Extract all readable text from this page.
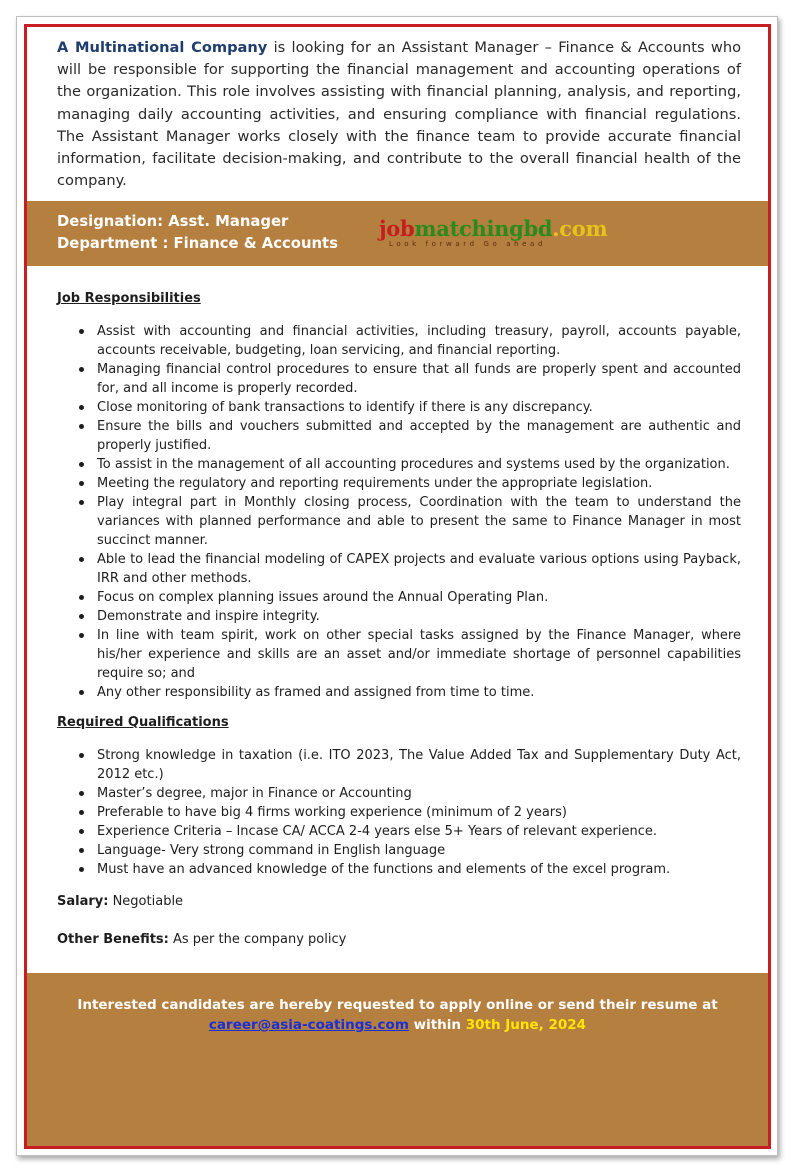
A Multinational Company is looking for an Assistant Manager – Finance & Accounts who will be responsible for supporting the financial management and accounting operations of the organization. This role involves assisting with financial planning, analysis, and reporting, managing daily accounting activities, and ensuring compliance with financial regulations. The Assistant Manager works closely with the finance team to provide accurate financial information, facilitate decision-making, and contribute to the overall financial health of the company.

Designation: Asst. Manager
Department : Finance & Accounts
jobmatchingbd.com
Look forward Go ahead
Job Responsibilities
Assist with accounting and financial activities, including treasury, payroll, accounts payable, accounts receivable, budgeting, loan servicing, and financial reporting.
Managing financial control procedures to ensure that all funds are properly spent and accounted for, and all income is properly recorded.
Close monitoring of bank transactions to identify if there is any discrepancy.
Ensure the bills and vouchers submitted and accepted by the management are authentic and properly justified.
To assist in the management of all accounting procedures and systems used by the organization.
Meeting the regulatory and reporting requirements under the appropriate legislation.
Play integral part in Monthly closing process, Coordination with the team to understand the variances with planned performance and able to present the same to Finance Manager in most succinct manner.
Able to lead the financial modeling of CAPEX projects and evaluate various options using Payback, IRR and other methods.
Focus on complex planning issues around the Annual Operating Plan.
Demonstrate and inspire integrity.
In line with team spirit, work on other special tasks assigned by the Finance Manager, where his/her experience and skills are an asset and/or immediate shortage of personnel capabilities require so; and
Any other responsibility as framed and assigned from time to time.
Required Qualifications
Strong knowledge in taxation (i.e. ITO 2023, The Value Added Tax and Supplementary Duty Act, 2012 etc.)
Master’s degree, major in Finance or Accounting
Preferable to have big 4 firms working experience (minimum of 2 years)
Experience Criteria – Incase CA/ ACCA 2-4 years else 5+ Years of relevant experience.
Language- Very strong command in English language
Must have an advanced knowledge of the functions and elements of the excel program.
Salary: Negotiable
Other Benefits: As per the company policy

Interested candidates are hereby requested to apply online or send their resume at career@asia-coatings.com within 30th June, 2024
